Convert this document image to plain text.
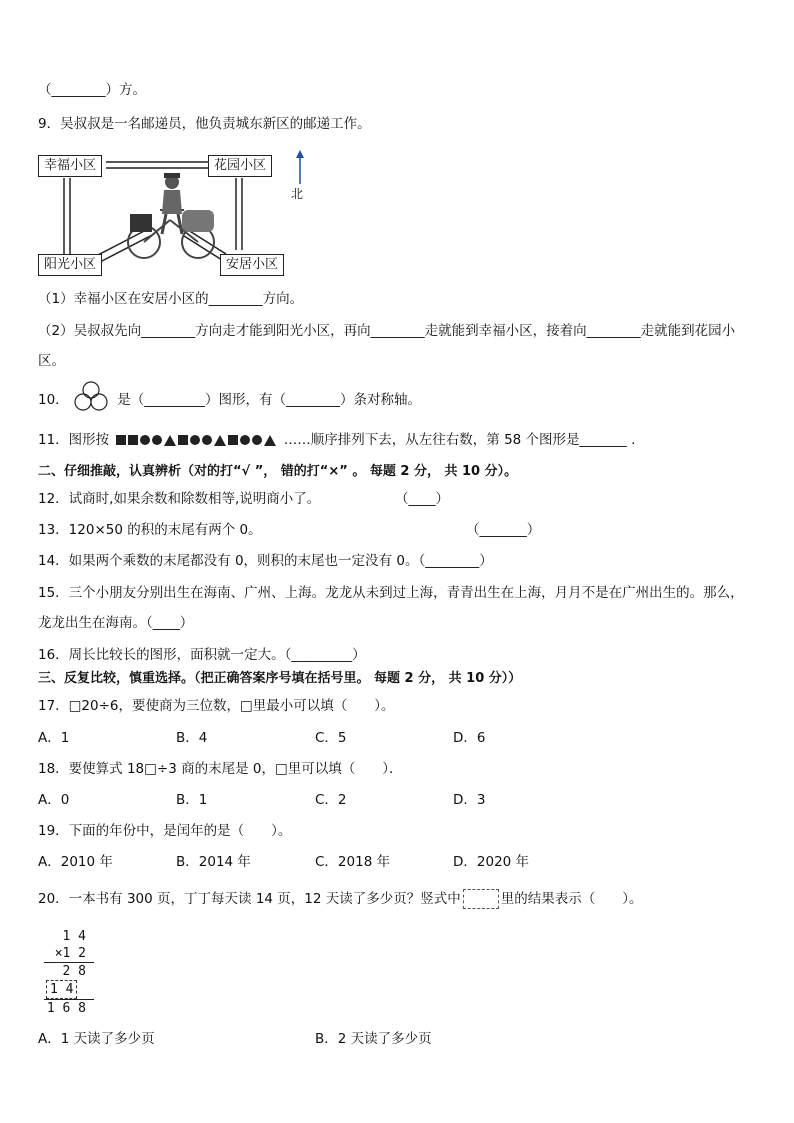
（________）方。
9．吴叔叔是一名邮递员，他负责城东新区的邮递工作。
幸福小区	花园小区
阳光小区	安居小区
北
（1）幸福小区在安居小区的________方向。
（2）吴叔叔先向________方向走才能到阳光小区，再向________走就能到幸福小区，接着向________走就能到花园小
区。
10．	是（_________）图形，有（________）条对称轴。
11．图形按	……顺序排列下去，从左往右数，第 58 个图形是_______ .
二、仔细推敲，认真辨析（对的打“√ ”， 错的打“×” 。 每题 2 分， 共 10 分）。
12．试商时,如果余数和除数相等,说明商小了。	（____）
13．120×50 的积的末尾有两个 0。	（_______）
14．如果两个乘数的末尾都没有 0，则积的末尾也一定没有 0。（________）
15．三个小朋友分别出生在海南、广州、上海。龙龙从未到过上海，青青出生在上海，月月不是在广州出生的。那么，
龙龙出生在海南。（____）
16．周长比较长的图形，面积就一定大。（_________）
三、反复比较，慎重选择。（把正确答案序号填在括号里。 每题 2 分， 共 10 分））
17．□20÷6，要使商为三位数，□里最小可以填（　　）。
A．1	B．4	C．5	D．6
18．要使算式 18□÷3 商的末尾是 0，□里可以填（　　）．
A．0	B．1	C．2	D．3
19．下面的年份中，是闰年的是（　　）。
A．2010 年	B．2014 年	C．2018 年	D．2020 年
20．一本书有 300 页，丁丁每天读 14 页，12 天读了多少页？竖式中	里的结果表示（　　）。
1 4
×1 2
2 8
1 4
1 6 8
A．1 天读了多少页	B．2 天读了多少页
